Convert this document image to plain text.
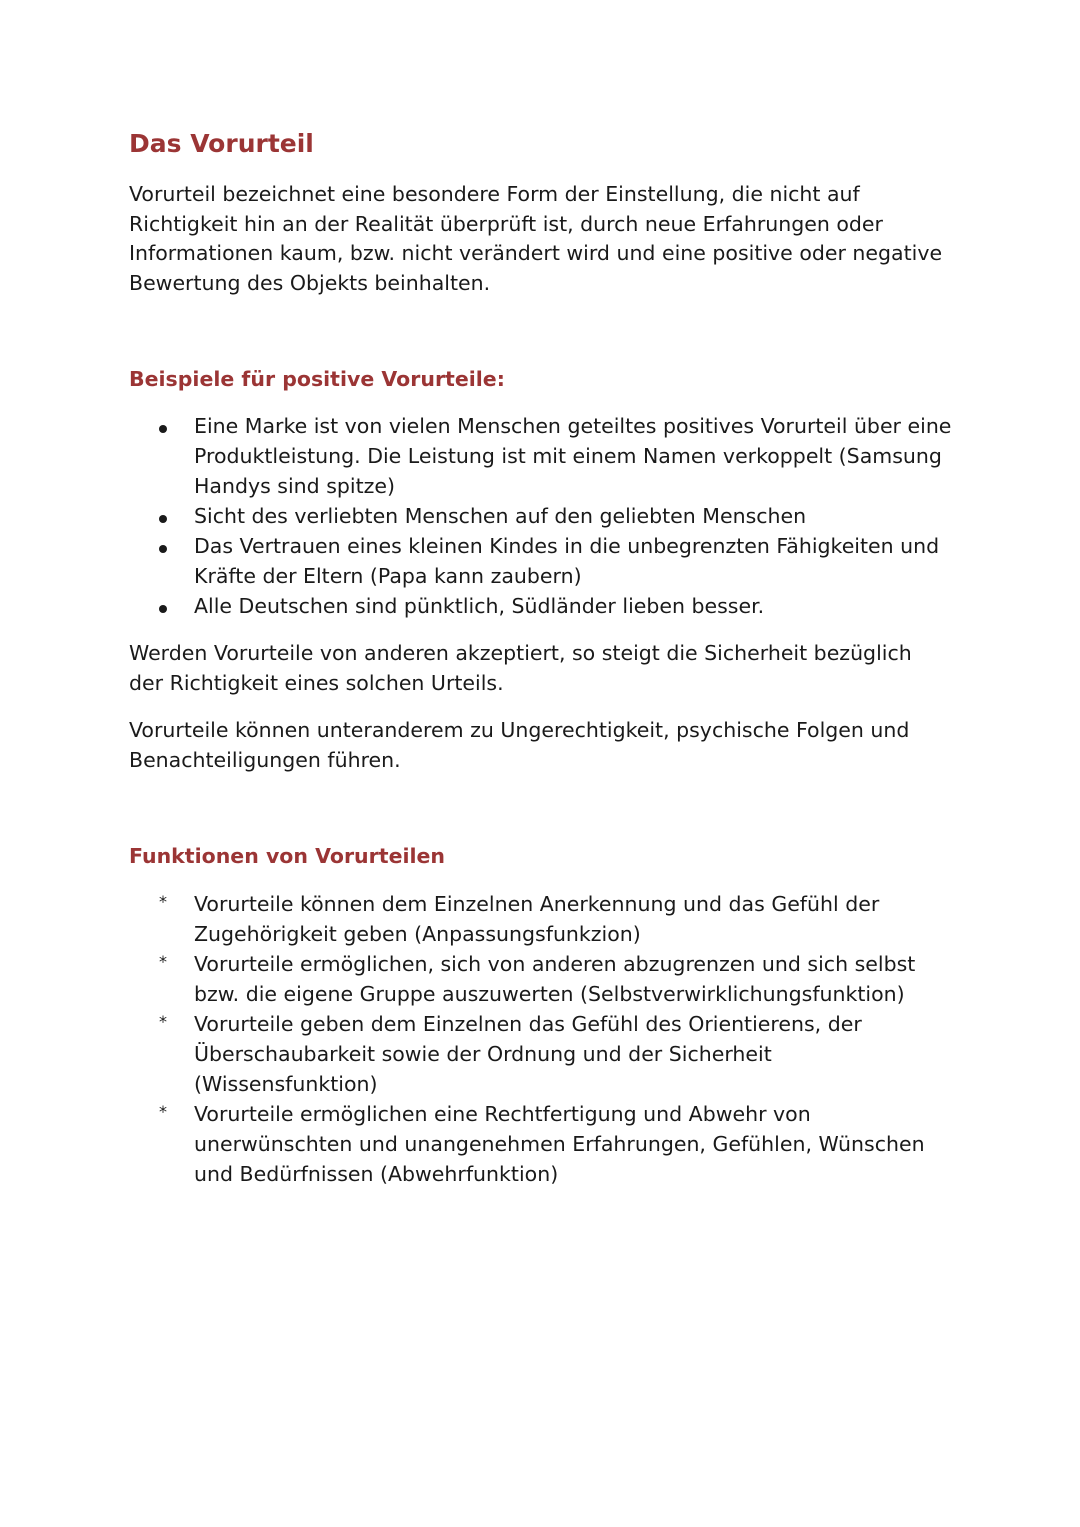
Das Vorurteil

Vorurteil bezeichnet eine besondere Form der Einstellung, die nicht auf Richtigkeit hin an der Realität überprüft ist, durch neue Erfahrungen oder Informationen kaum, bzw. nicht verändert wird und eine positive oder negative Bewertung des Objekts beinhalten.

Beispiele für positive Vorurteile:
Eine Marke ist von vielen Menschen geteiltes positives Vorurteil über eine Produktleistung. Die Leistung ist mit einem Namen verkoppelt (Samsung Handys sind spitze)
Sicht des verliebten Menschen auf den geliebten Menschen
Das Vertrauen eines kleinen Kindes in die unbegrenzten Fähigkeiten und Kräfte der Eltern (Papa kann zaubern)
Alle Deutschen sind pünktlich, Südländer lieben besser.

Werden Vorurteile von anderen akzeptiert, so steigt die Sicherheit bezüglich der Richtigkeit eines solchen Urteils.

Vorurteile können unteranderem zu Ungerechtigkeit, psychische Folgen und Benachteiligungen führen.

Funktionen von Vorurteilen
*	Vorurteile können dem Einzelnen Anerkennung und das Gefühl der Zugehörigkeit geben (Anpassungsfunkzion)
*	Vorurteile ermöglichen, sich von anderen abzugrenzen und sich selbst bzw. die eigene Gruppe auszuwerten (Selbstverwirklichungsfunktion)
*	Vorurteile geben dem Einzelnen das Gefühl des Orientierens, der Überschaubarkeit sowie der Ordnung und der Sicherheit (Wissensfunktion)
*	Vorurteile ermöglichen eine Rechtfertigung und Abwehr von unerwünschten und unangenehmen Erfahrungen, Gefühlen, Wünschen und Bedürfnissen (Abwehrfunktion)
